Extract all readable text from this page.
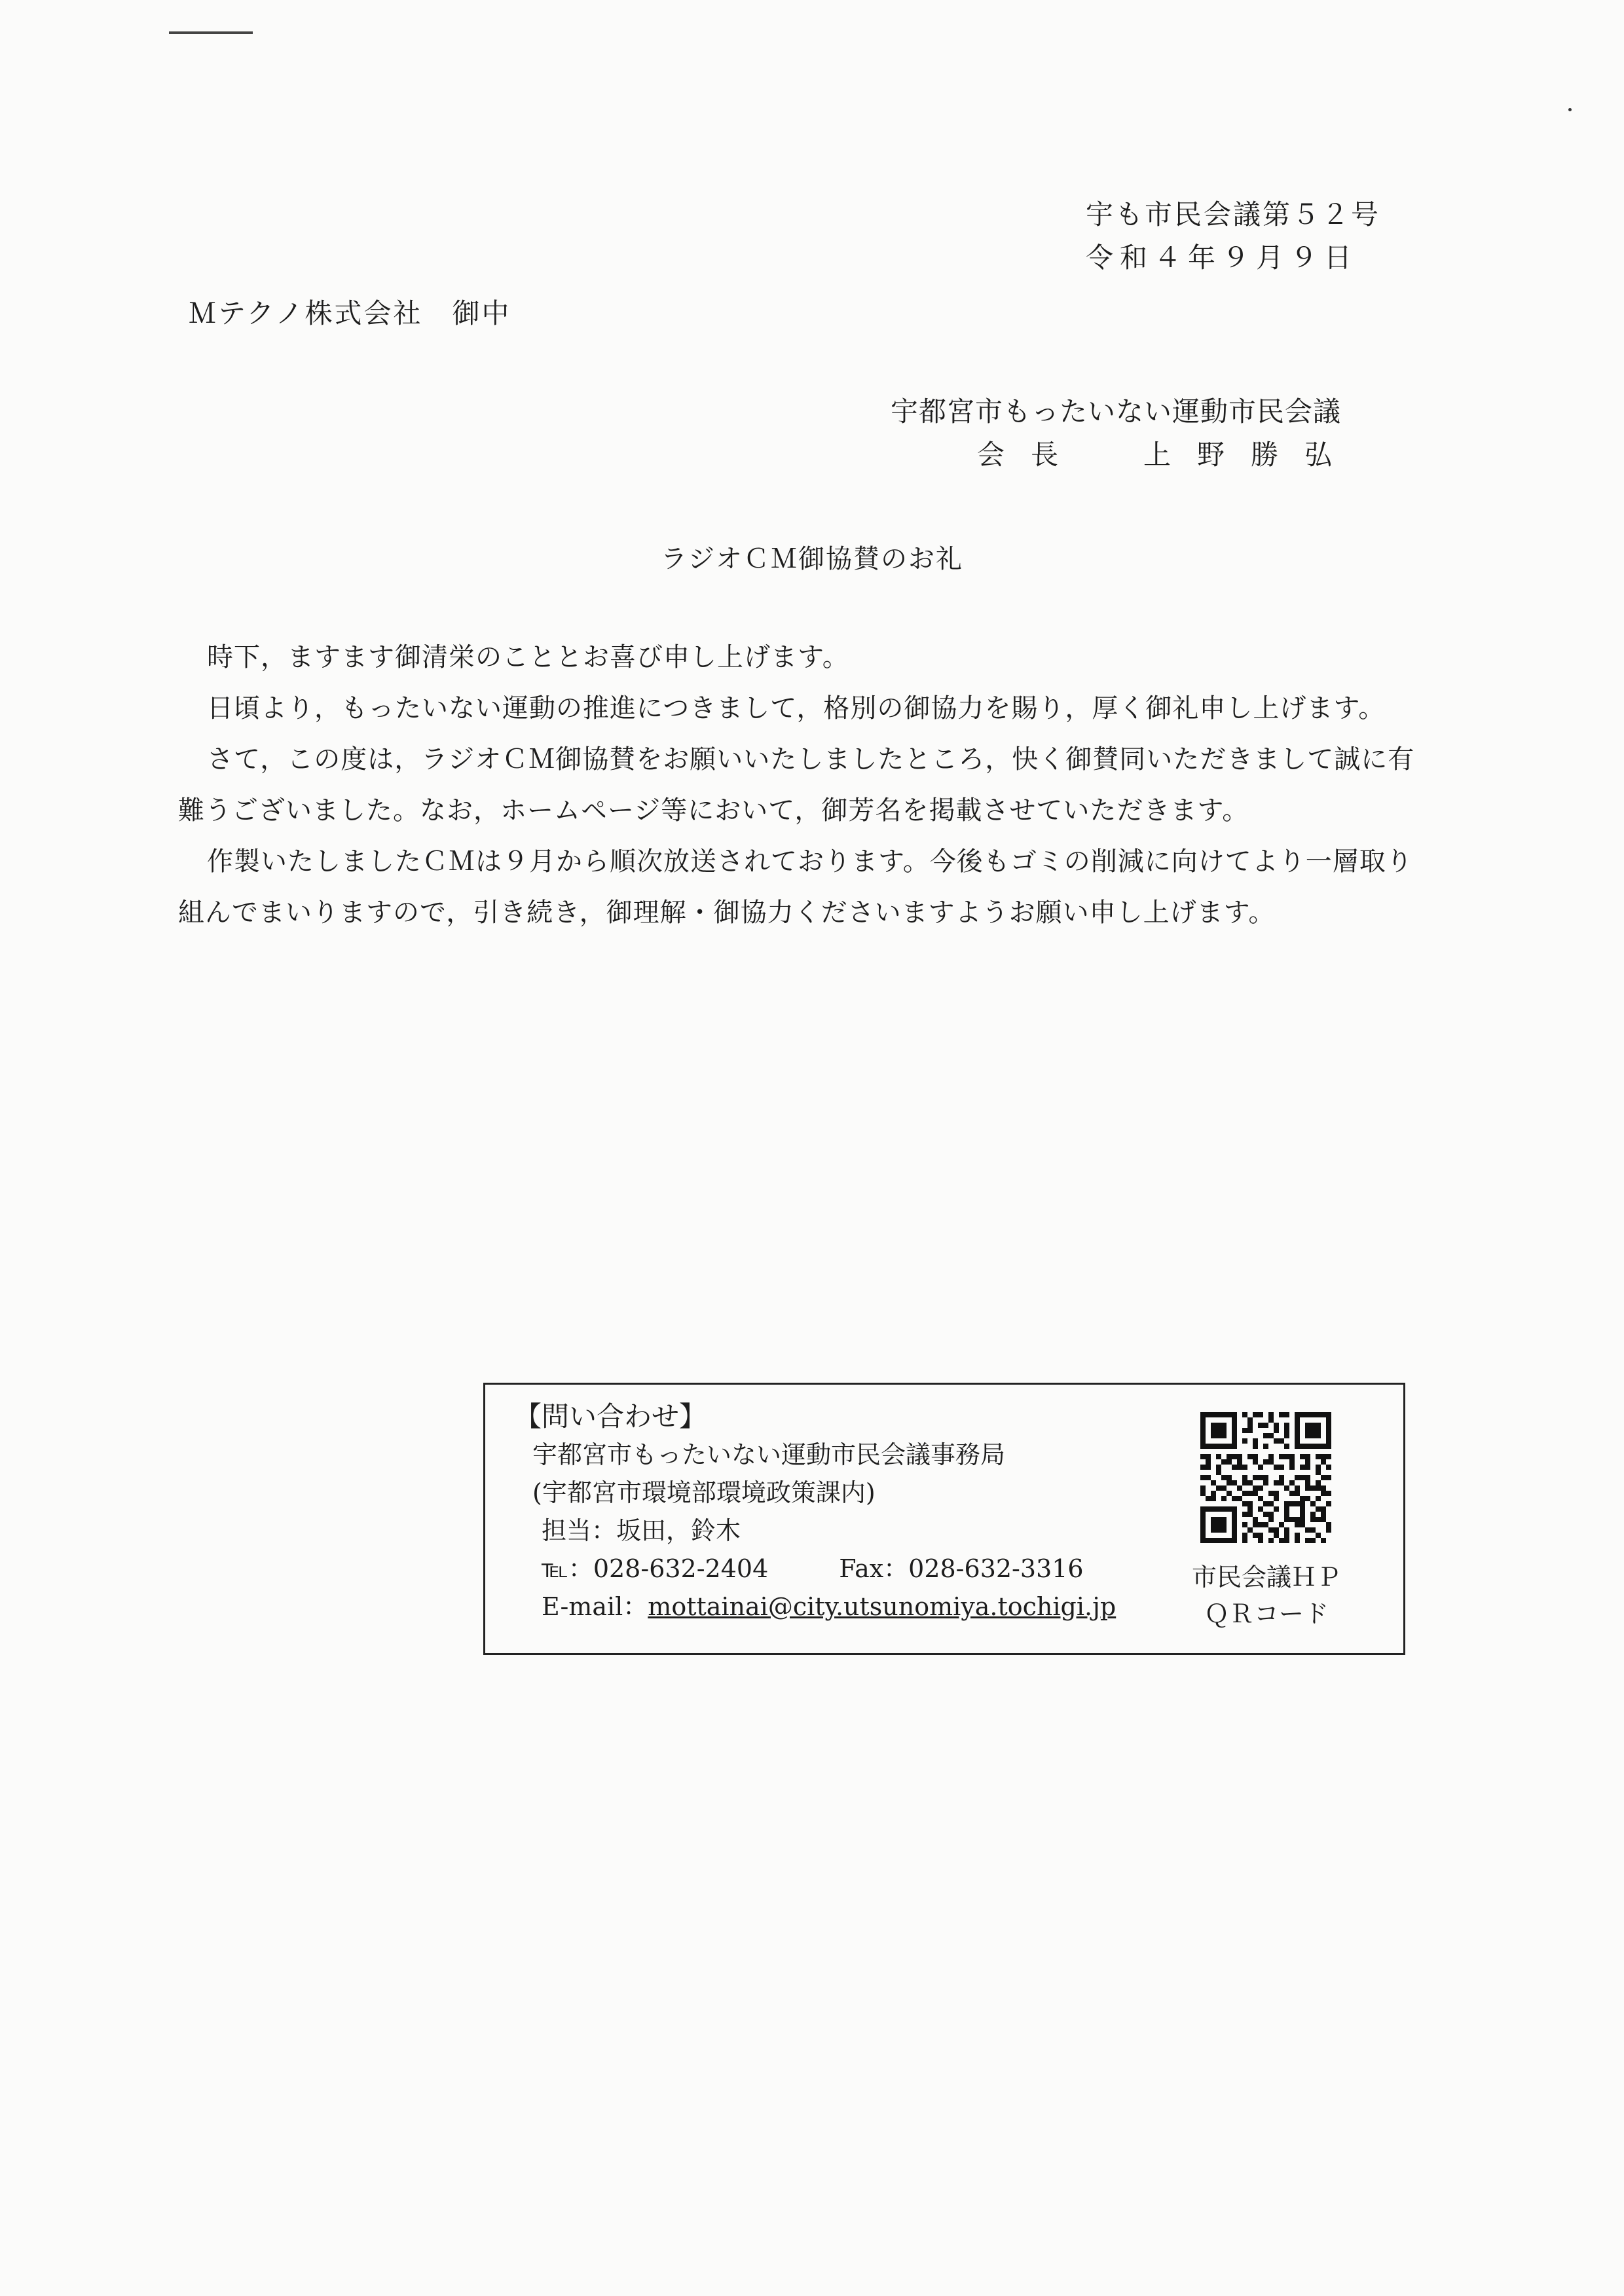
宇も市民会議第５２号
令和４年９月９日
Ｍテクノ株式会社　御中
宇都宮市もったいない運動市民会議
会長 上野勝弘
ラジオＣＭ御協賛のお礼

時下，ますます御清栄のこととお喜び申し上げます。

日頃より，もったいない運動の推進につきまして，格別の御協力を賜り，厚く御礼申し上げます。

さて，この度は，ラジオＣＭ御協賛をお願いいたしましたところ，快く御賛同いただきまして誠に有難うございました。なお，ホームページ等において，御芳名を掲載させていただきます。

作製いたしましたＣＭは９月から順次放送されております。今後もゴミの削減に向けてより一層取り組んでまいりますので，引き続き，御理解・御協力くださいますようお願い申し上げます。

【問い合わせ】
宇都宮市もったいない運動市民会議事務局
(宇都宮市環境部環境政策課内)
担当：坂田，鈴木
℡：028-632-2404	Fax：028-632-3316
E-mail：mottainai@city.utsunomiya.tochigi.jp
市民会議ＨＰ
ＱＲコード
